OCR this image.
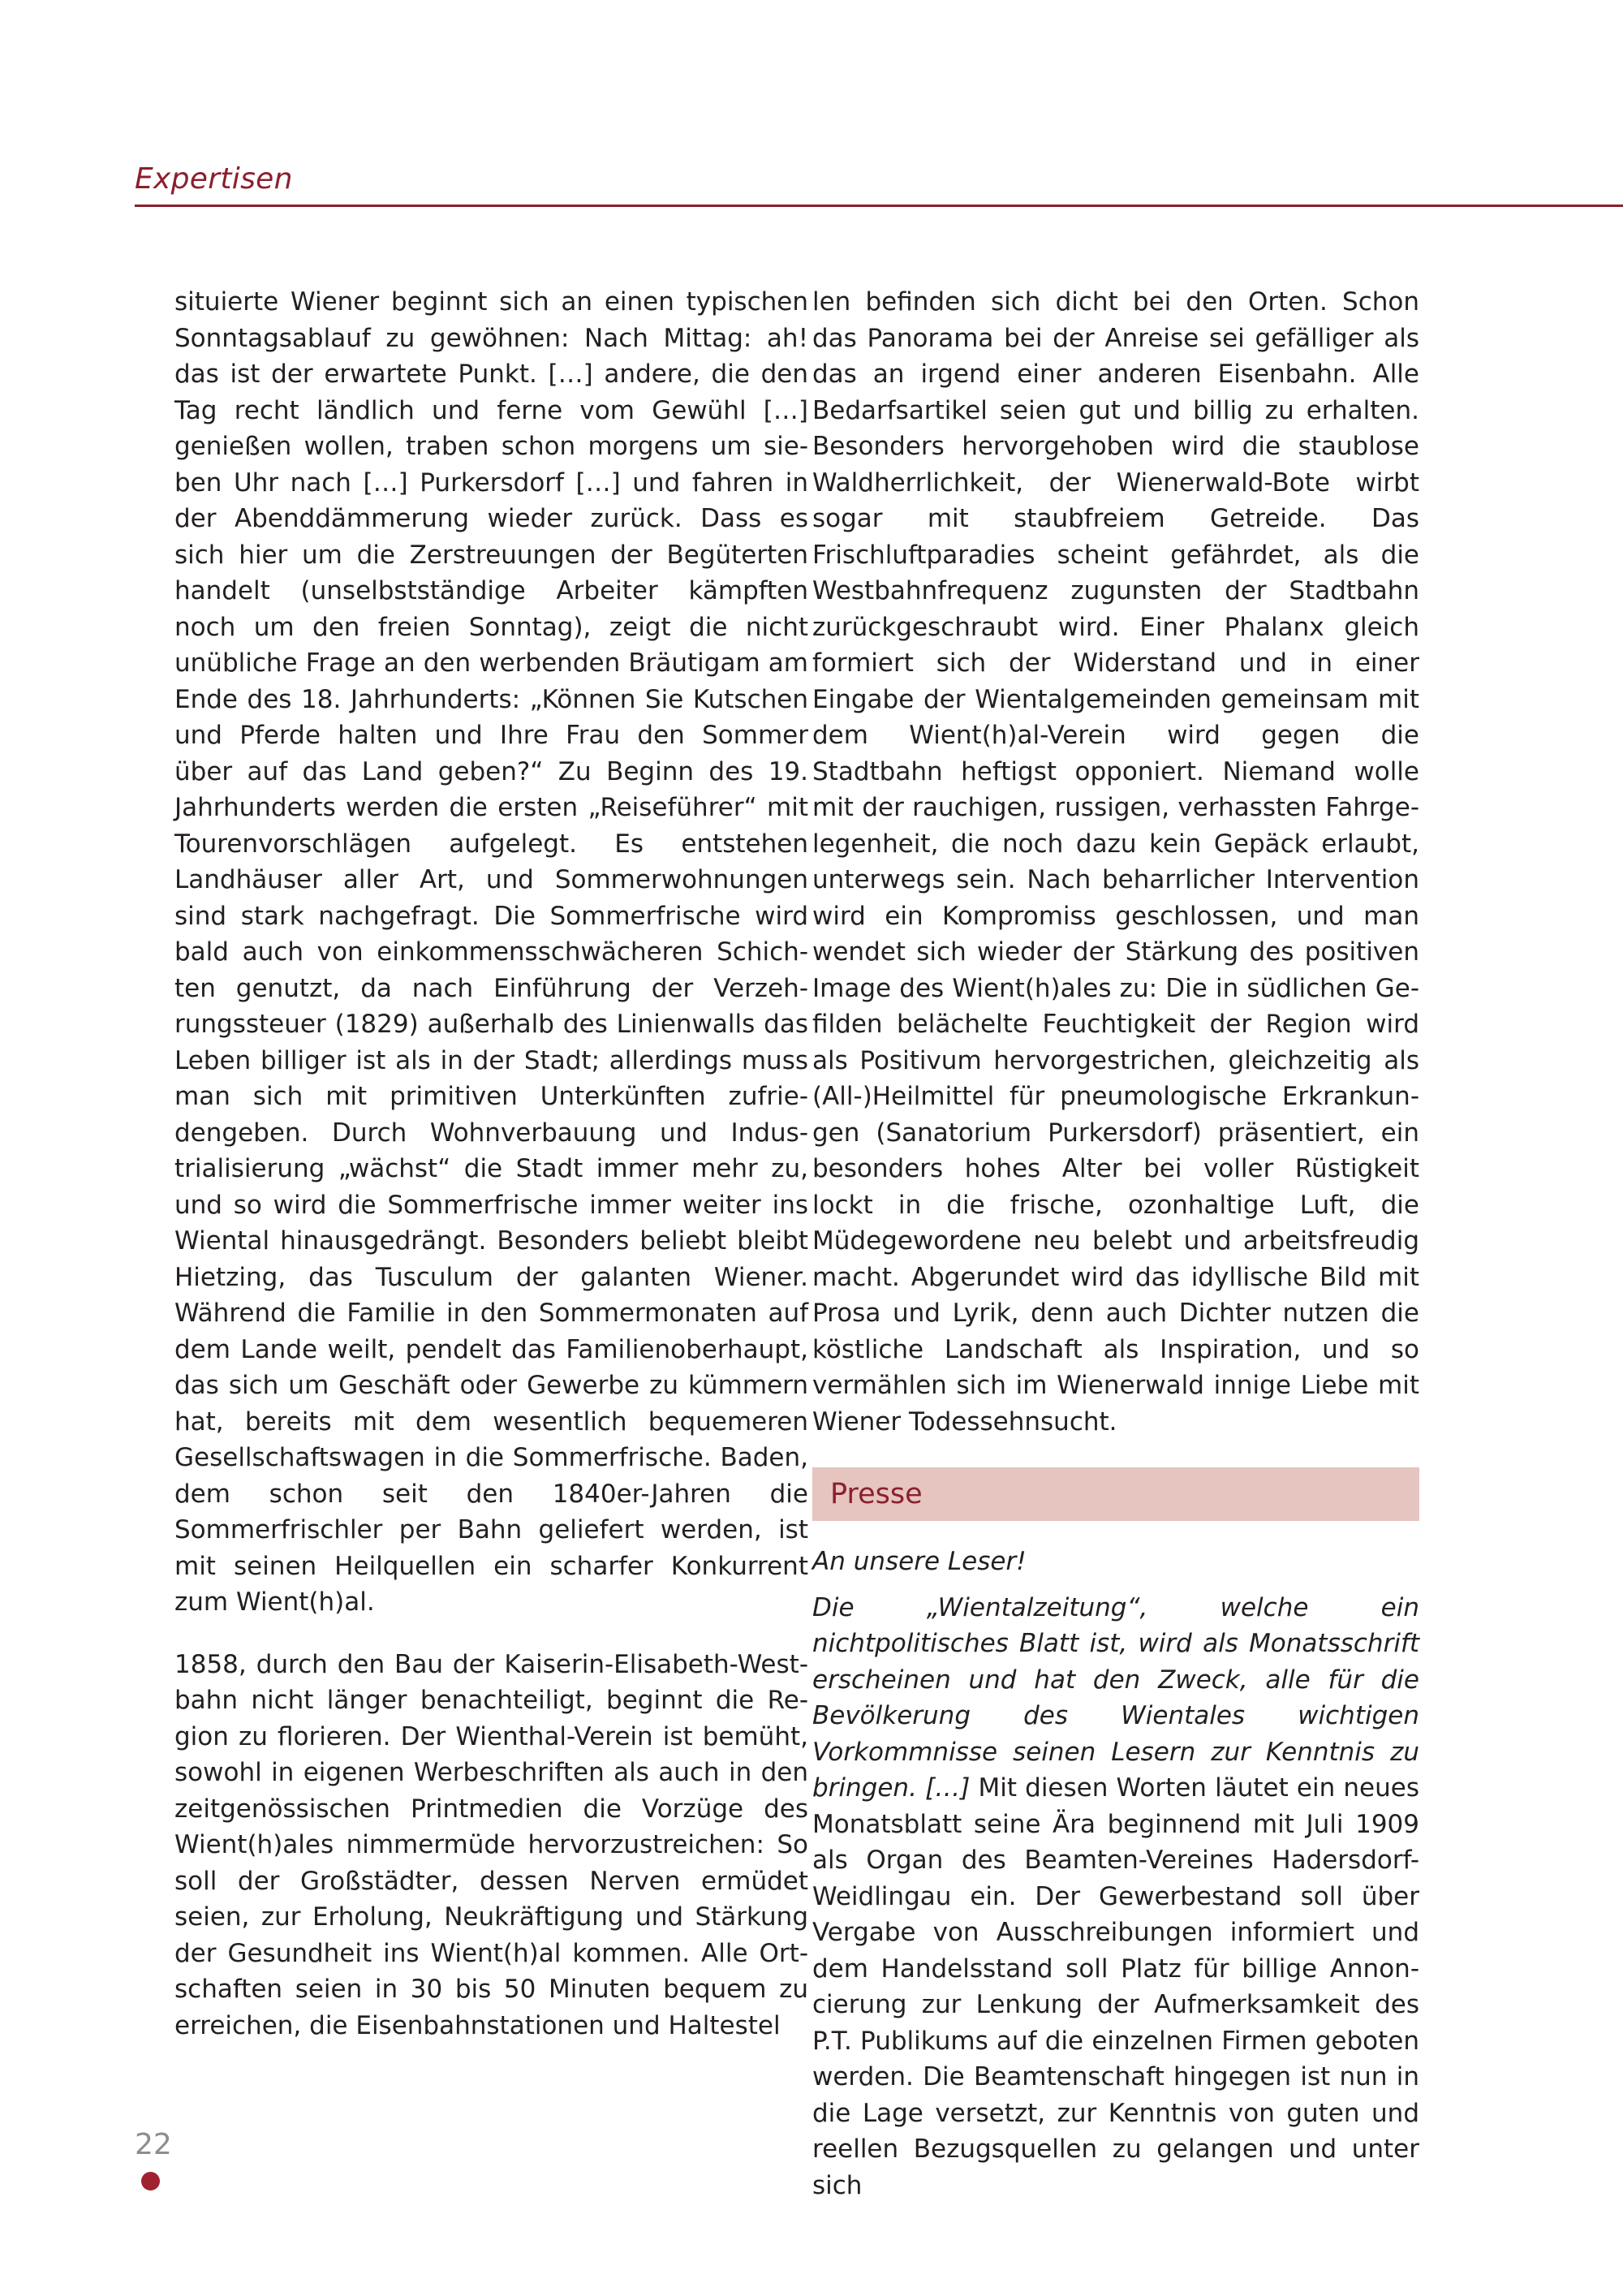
Expertisen

situierte Wiener beginnt sich an einen typischen Sonntagsablauf zu gewöhnen: Nach Mittag: ah! das ist der erwartete Punkt. […] andere, die den Tag recht ländlich und ferne vom Gewühl […] genießen wollen, traben schon morgens um sieben Uhr nach […] Purkersdorf […] und fahren in der Abenddämmerung wieder zurück. Dass es sich hier um die Zerstreuungen der Begüterten handelt (unselbstständige Arbeiter kämpften noch um den freien Sonntag), zeigt die nicht unübliche Frage an den werbenden Bräutigam am Ende des 18. Jahrhunderts: „Können Sie Kutschen und Pferde halten und Ihre Frau den Sommer über auf das Land geben?“ Zu Beginn des 19. Jahrhunderts werden die ersten „Reiseführer“ mit Tourenvorschlägen aufgelegt. Es entstehen Landhäuser aller Art, und Sommerwohnungen sind stark nachgefragt. Die Sommerfrische wird bald auch von einkommensschwächeren Schichten genutzt, da nach Einführung der Verzehrungssteuer (1829) außerhalb des Linienwalls das Leben billiger ist als in der Stadt; allerdings muss man sich mit primitiven Unterkünften zufriedengeben. Durch Wohnverbauung und Industrialisierung „wächst“ die Stadt immer mehr zu, und so wird die Sommerfrische immer weiter ins Wiental hinausgedrängt. Besonders beliebt bleibt Hietzing, das Tusculum der galanten Wiener. Während die Familie in den Sommermonaten auf dem Lande weilt, pendelt das Familienoberhaupt, das sich um Geschäft oder Gewerbe zu kümmern hat, bereits mit dem wesentlich bequemeren Gesellschaftswagen in die Sommerfrische. Baden, dem schon seit den 1840er-Jahren die Sommerfrischler per Bahn geliefert werden, ist mit seinen Heilquellen ein scharfer Konkurrent zum Wient(h)al.

1858, durch den Bau der Kaiserin-Elisabeth-Westbahn nicht länger benachteiligt, beginnt die Region zu florieren. Der Wienthal-Verein ist bemüht, sowohl in eigenen Werbeschriften als auch in den zeitgenössischen Printmedien die Vorzüge des Wient(h)ales nimmermüde hervorzustreichen: So soll der Großstädter, dessen Nerven ermüdet seien, zur Erholung, Neukräftigung und Stärkung der Gesundheit ins Wient(h)al kommen. Alle Ortschaften seien in 30 bis 50 Minuten bequem zu erreichen, die Eisenbahnstationen und Haltestel

len befinden sich dicht bei den Orten. Schon das Panorama bei der Anreise sei gefälliger als das an irgend einer anderen Eisenbahn. Alle Bedarfsartikel seien gut und billig zu erhalten. Besonders hervorgehoben wird die staublose Waldherrlichkeit, der Wienerwald-Bote wirbt sogar mit staubfreiem Getreide. Das Frischluftparadies scheint gefährdet, als die Westbahnfrequenz zugunsten der Stadtbahn zurückgeschraubt wird. Einer Phalanx gleich formiert sich der Widerstand und in einer Eingabe der Wientalgemeinden gemeinsam mit dem Wient(h)al-Verein wird gegen die Stadtbahn heftigst opponiert. Niemand wolle mit der rauchigen, russigen, verhassten Fahrgelegenheit, die noch dazu kein Gepäck erlaubt, unterwegs sein. Nach beharrlicher Intervention wird ein Kompromiss geschlossen, und man wendet sich wieder der Stärkung des positiven Image des Wient(h)ales zu: Die in südlichen Gefilden belächelte Feuchtigkeit der Region wird als Positivum hervorgestrichen, gleichzeitig als (All-)Heilmittel für pneumologische Erkrankungen (Sanatorium Purkersdorf) präsentiert, ein besonders hohes Alter bei voller Rüstigkeit lockt in die frische, ozonhaltige Luft, die Müdegewordene neu belebt und arbeitsfreudig macht. Abgerundet wird das idyllische Bild mit Prosa und Lyrik, denn auch Dichter nutzen die köstliche Landschaft als Inspiration, und so vermählen sich im Wienerwald innige Liebe mit Wiener Todessehnsucht.

Presse

An unsere Leser!

Die „Wientalzeitung“, welche ein nichtpolitisches Blatt ist, wird als Monatsschrift erscheinen und hat den Zweck, alle für die Bevölkerung des Wientales wichtigen Vorkommnisse seinen Lesern zur Kenntnis zu bringen. […] Mit diesen Worten läutet ein neues Monatsblatt seine Ära beginnend mit Juli 1909 als Organ des Beamten-Vereines Hadersdorf-Weidlingau ein. Der Gewerbestand soll über Vergabe von Ausschreibungen informiert und dem Handelsstand soll Platz für billige Annoncierung zur Lenkung der Aufmerksamkeit des P.T. Publikums auf die einzelnen Firmen geboten werden. Die Beamtenschaft hingegen ist nun in die Lage versetzt, zur Kenntnis von guten und reellen Bezugsquellen zu gelangen und unter sich

22
